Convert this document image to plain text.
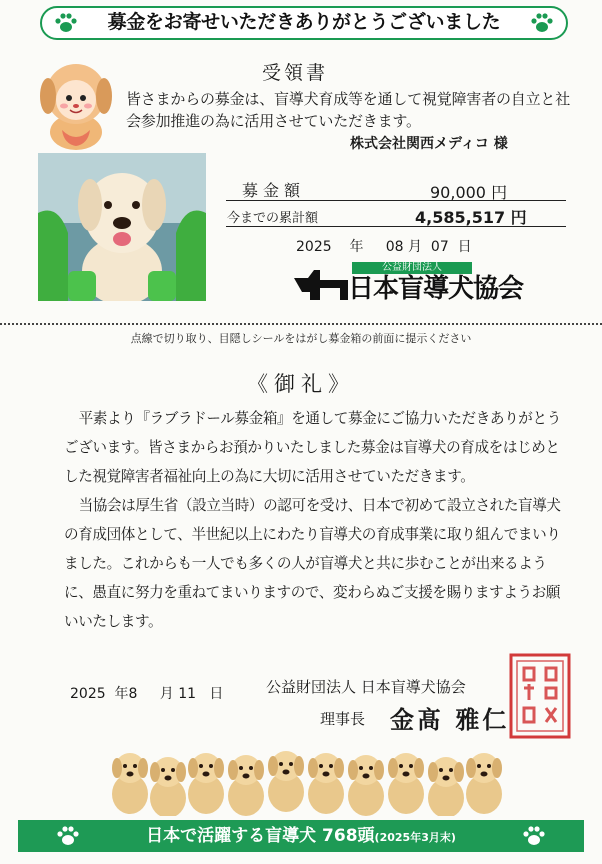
募金をお寄せいただきありがとうございました
受領書
皆さまからの募金は、盲導犬育成等を通して視覚障害者の自立と社会参加推進の為に活用させていただきます。
株式会社関西メディコ 様
募金額	90,000 円
今までの累計額	4,585,517 円
2025 年 08 月 07 日
公益財団法人
日本盲導犬協会
点線で切り取り、目隠しシールをはがし募金箱の前面に提示ください
《御礼》

平素より『ラブラドール募金箱』を通して募金にご協力いただきありがとうございます。皆さまからお預かりいたしました募金は盲導犬の育成をはじめとした視覚障害者福祉向上の為に大切に活用させていただきます。

当協会は厚生省（設立当時）の認可を受け、日本で初めて設立された盲導犬の育成団体として、半世紀以上にわたり盲導犬の育成事業に取り組んでまいりました。これからも一人でも多くの人が盲導犬と共に歩むことが出来るように、愚直に努力を重ねてまいりますので、変わらぬご支援を賜りますようお願いいたします。

2025 年8 月 11 日	公益財団法人 日本盲導犬協会
理事長 金髙 雅仁
日本で活躍する盲導犬 768頭(2025年3月末)
